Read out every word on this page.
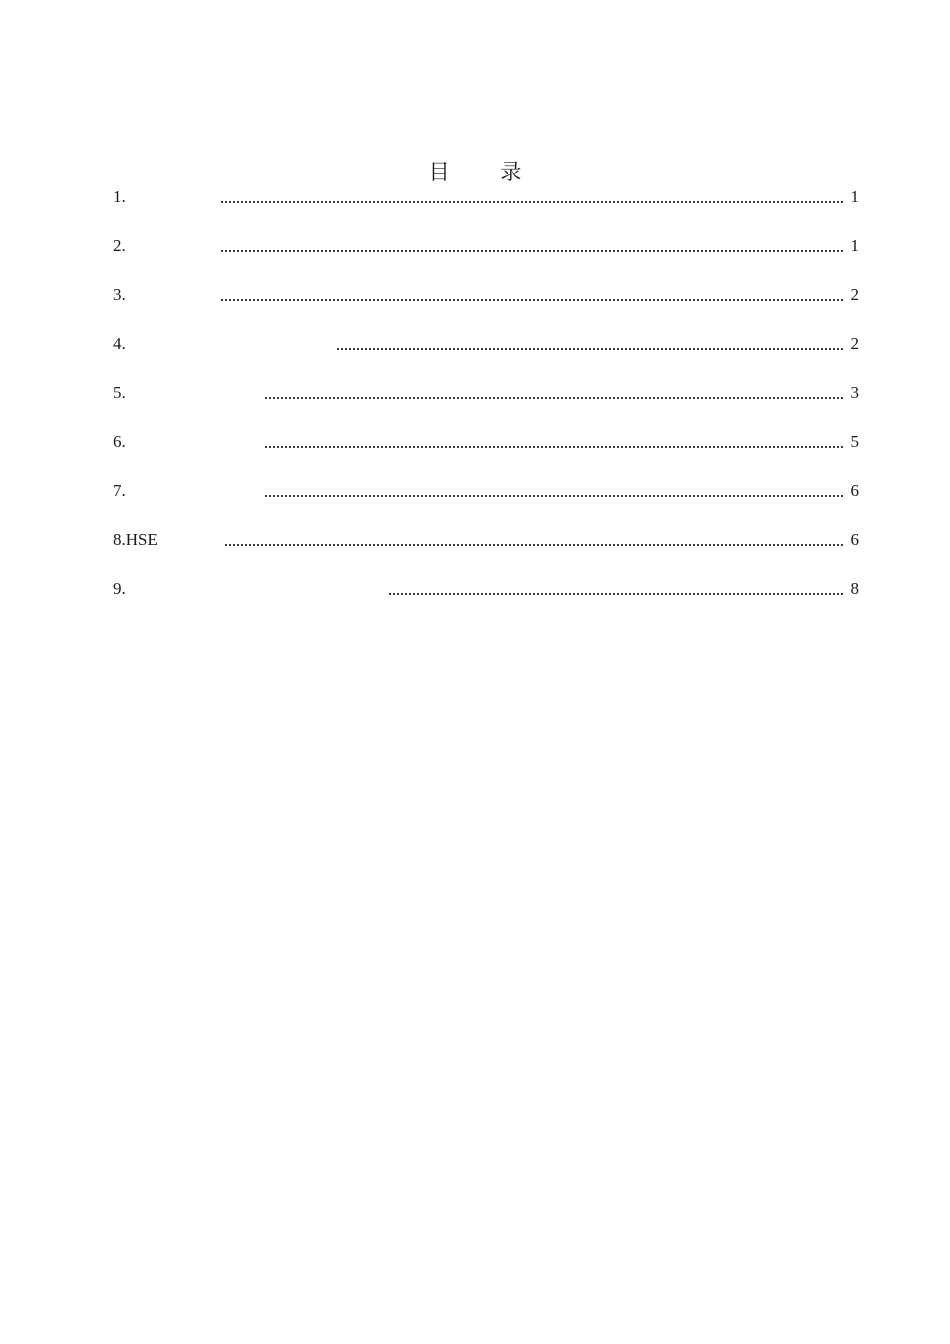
目 录
1.	1
2.	1
3.	2
4.	2
5.	3
6.	5
7.	6
8.HSE	6
9.	8
